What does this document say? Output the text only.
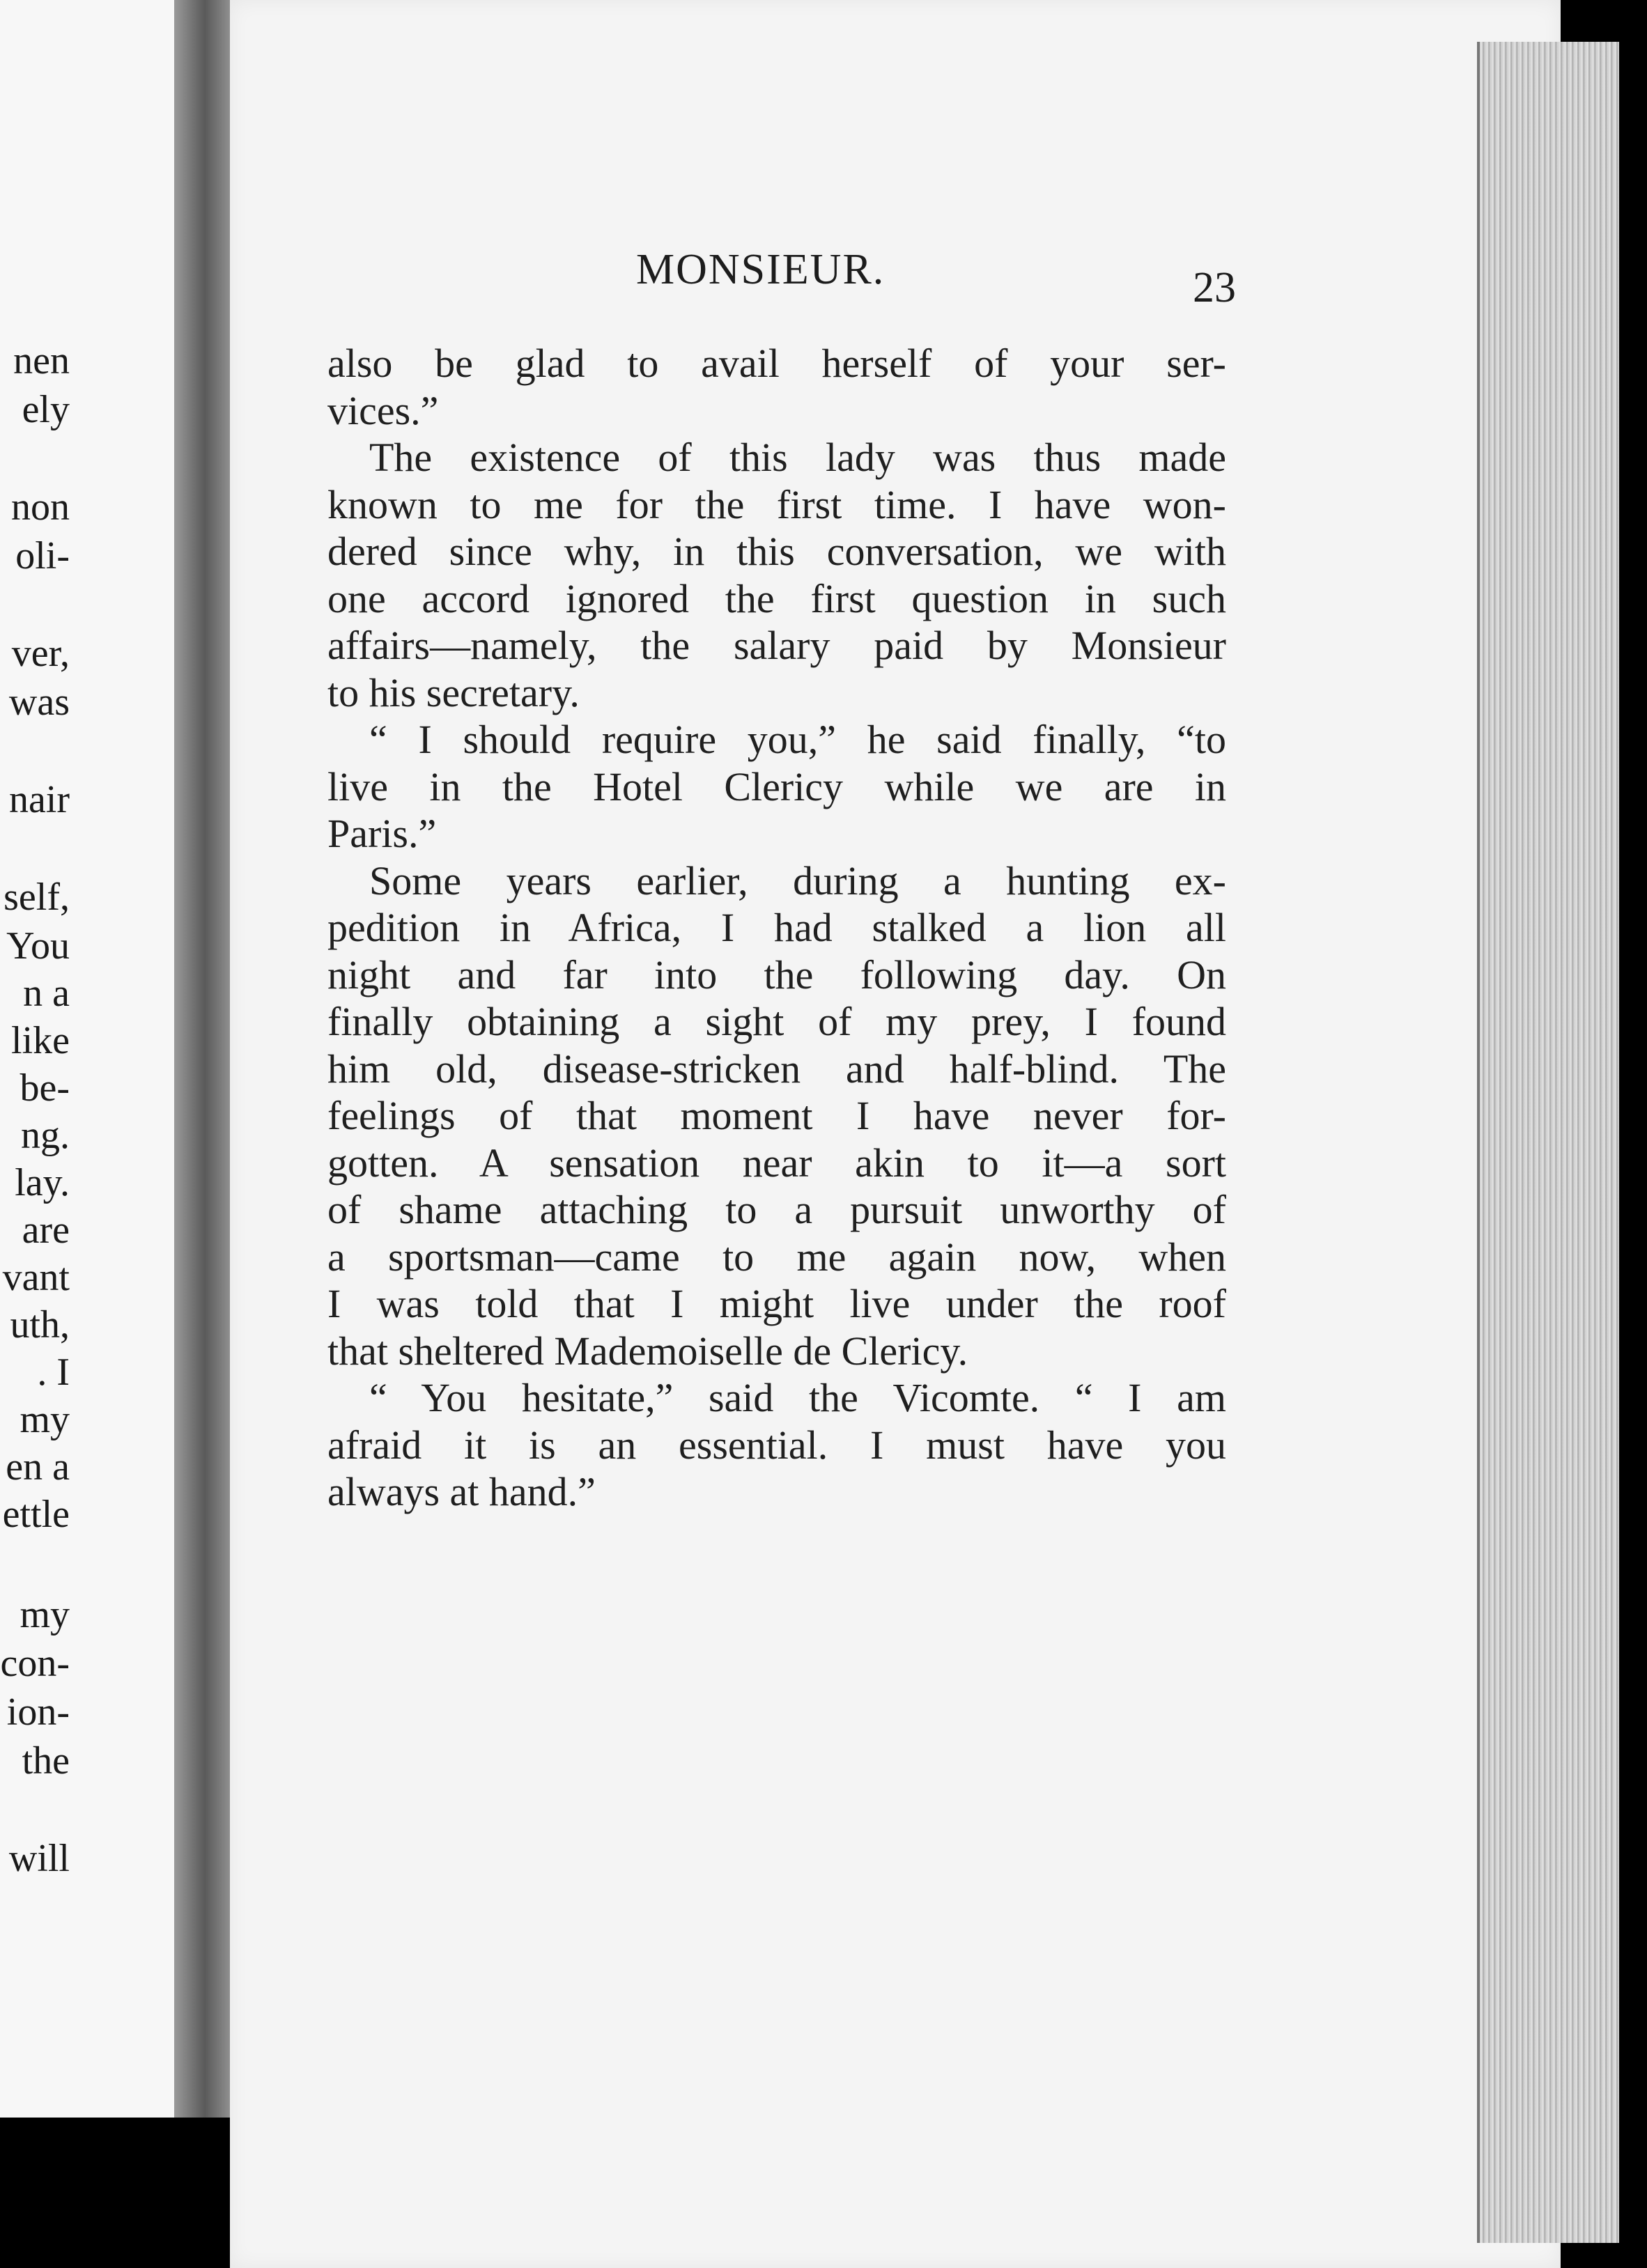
nen
ely
non
oli-
ver,
was
nair
self,
You
n a
like
be-
ng.
lay.
are
vant
uth,
. I
my
en a
ettle
my
con-
ion-
the
will
MONSIEUR.	23
also be glad to avail herself of your ser-
vices.”
The existence of this lady was thus made
known to me for the first time. I have won-
dered since why, in this conversation, we with
one accord ignored the first question in such
affairs—namely, the salary paid by Monsieur
to his secretary.
“ I should require you,” he said finally, “to
live in the Hotel Clericy while we are in
Paris.”
Some years earlier, during a hunting ex-
pedition in Africa, I had stalked a lion all
night and far into the following day. On
finally obtaining a sight of my prey, I found
him old, disease-stricken and half-blind. The
feelings of that moment I have never for-
gotten. A sensation near akin to it—a sort
of shame attaching to a pursuit unworthy of
a sportsman—came to me again now, when
I was told that I might live under the roof
that sheltered Mademoiselle de Clericy.
“ You hesitate,” said the Vicomte. “ I am
afraid it is an essential. I must have you
always at hand.”
